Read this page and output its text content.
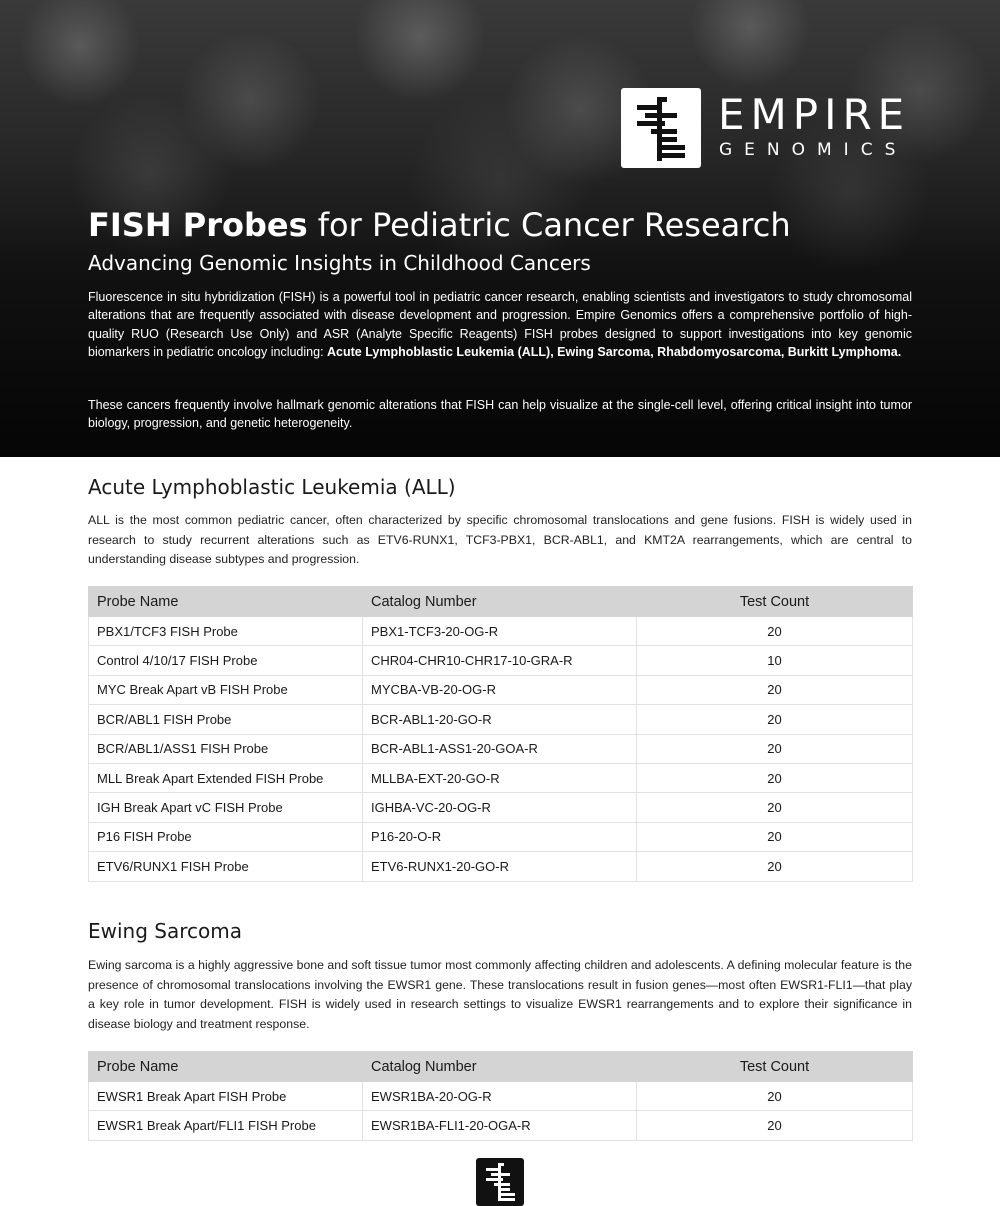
EMPIRE
GENOMICS
FISH Probes for Pediatric Cancer Research
Advancing Genomic Insights in Childhood Cancers

Fluorescence in situ hybridization (FISH) is a powerful tool in pediatric cancer research, enabling scientists and investigators to study chromosomal alterations that are frequently associated with disease development and progression. Empire Genomics offers a comprehensive portfolio of high-quality RUO (Research Use Only) and ASR (Analyte Specific Reagents) FISH probes designed to support investigations into key genomic biomarkers in pediatric oncology including: Acute Lymphoblastic Leukemia (ALL), Ewing Sarcoma, Rhabdomyosarcoma, Burkitt Lymphoma.

These cancers frequently involve hallmark genomic alterations that FISH can help visualize at the single-cell level, offering critical insight into tumor biology, progression, and genetic heterogeneity.

Acute Lymphoblastic Leukemia (ALL)

ALL is the most common pediatric cancer, often characterized by specific chromosomal translocations and gene fusions. FISH is widely used in research to study recurrent alterations such as ETV6-RUNX1, TCF3-PBX1, BCR-ABL1, and KMT2A rearrangements, which are central to understanding disease subtypes and progression.

Probe Name	Catalog Number	Test Count
PBX1/TCF3 FISH Probe	PBX1-TCF3-20-OG-R	20
Control 4/10/17 FISH Probe	CHR04-CHR10-CHR17-10-GRA-R	10
MYC Break Apart vB FISH Probe	MYCBA-VB-20-OG-R	20
BCR/ABL1 FISH Probe	BCR-ABL1-20-GO-R	20
BCR/ABL1/ASS1 FISH Probe	BCR-ABL1-ASS1-20-GOA-R	20
MLL Break Apart Extended FISH Probe	MLLBA-EXT-20-GO-R	20
IGH Break Apart vC FISH Probe	IGHBA-VC-20-OG-R	20
P16 FISH Probe	P16-20-O-R	20
ETV6/RUNX1 FISH Probe	ETV6-RUNX1-20-GO-R	20
Ewing Sarcoma

Ewing sarcoma is a highly aggressive bone and soft tissue tumor most commonly affecting children and adolescents. A defining molecular feature is the presence of chromosomal translocations involving the EWSR1 gene. These translocations result in fusion genes—most often EWSR1-FLI1—that play a key role in tumor development. FISH is widely used in research settings to visualize EWSR1 rearrangements and to explore their significance in disease biology and treatment response.

Probe Name	Catalog Number	Test Count
EWSR1 Break Apart FISH Probe	EWSR1BA-20-OG-R	20
EWSR1 Break Apart/FLI1 FISH Probe	EWSR1BA-FLI1-20-OGA-R	20
